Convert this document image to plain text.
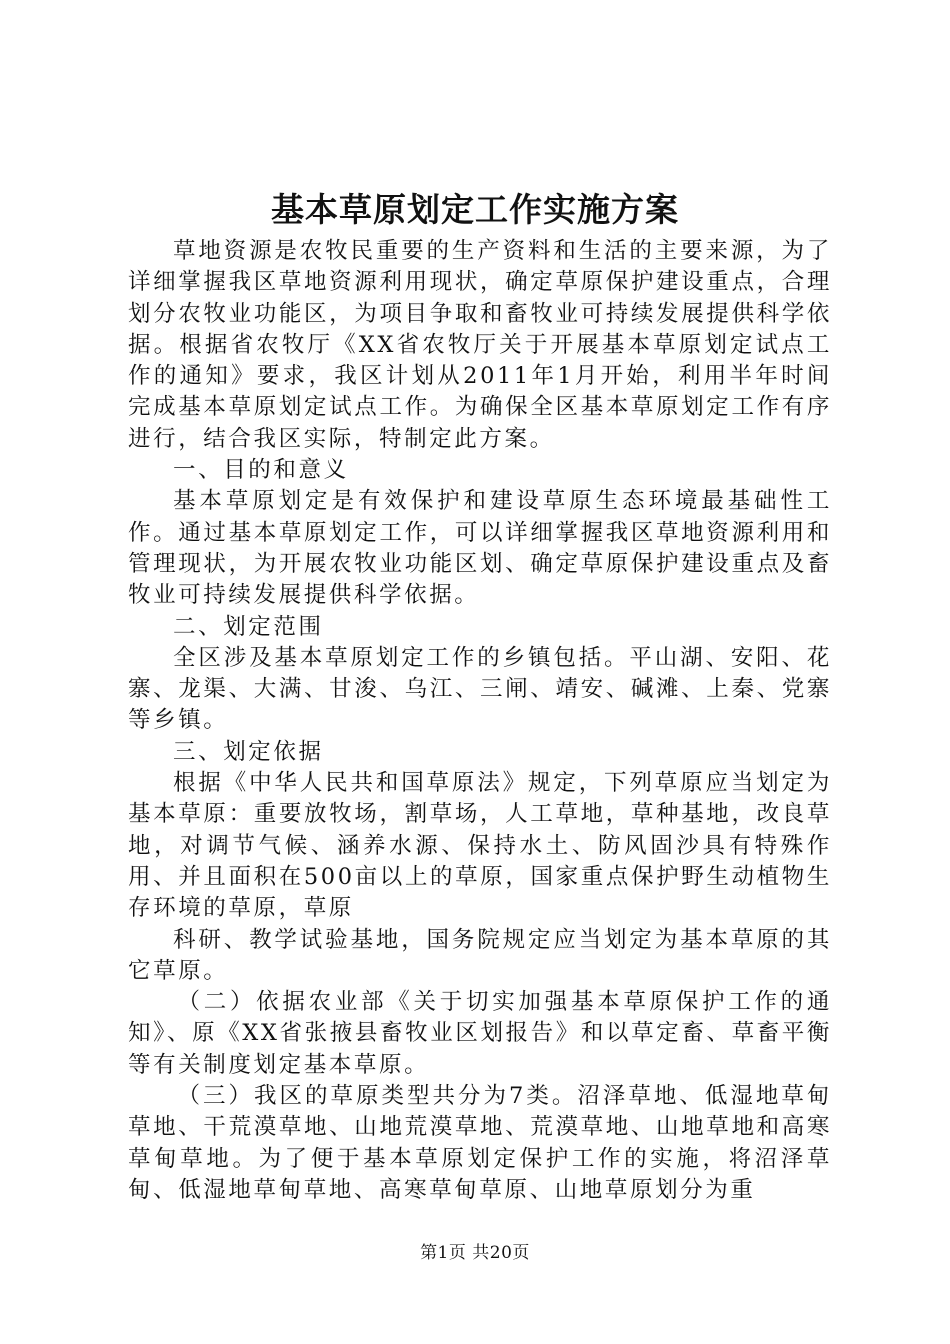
基本草原划定工作实施方案

草地资源是农牧民重要的生产资料和生活的主要来源，为了详细掌握我区草地资源利用现状，确定草原保护建设重点，合理划分农牧业功能区，为项目争取和畜牧业可持续发展提供科学依据。根据省农牧厅《XX省农牧厅关于开展基本草原划定试点工作的通知》要求，我区计划从2011年1月开始，利用半年时间完成基本草原划定试点工作。为确保全区基本草原划定工作有序进行，结合我区实际，特制定此方案。

一、目的和意义

基本草原划定是有效保护和建设草原生态环境最基础性工作。通过基本草原划定工作，可以详细掌握我区草地资源利用和管理现状，为开展农牧业功能区划、确定草原保护建设重点及畜牧业可持续发展提供科学依据。

二、划定范围

全区涉及基本草原划定工作的乡镇包括。平山湖、安阳、花寨、龙渠、大满、甘浚、乌江、三闸、靖安、碱滩、上秦、党寨等乡镇。

三、划定依据

根据《中华人民共和国草原法》规定，下列草原应当划定为基本草原：重要放牧场，割草场，人工草地，草种基地，改良草地，对调节气候、涵养水源、保持水土、防风固沙具有特殊作用、并且面积在500亩以上的草原，国家重点保护野生动植物生存环境的草原，草原

科研、教学试验基地，国务院规定应当划定为基本草原的其它草原。

（二）依据农业部《关于切实加强基本草原保护工作的通知》、原《XX省张掖县畜牧业区划报告》和以草定畜、草畜平衡等有关制度划定基本草原。

（三）我区的草原类型共分为7类。沼泽草地、低湿地草甸草地、干荒漠草地、山地荒漠草地、荒漠草地、山地草地和高寒草甸草地。为了便于基本草原划定保护工作的实施，将沼泽草甸、低湿地草甸草地、高寒草甸草原、山地草原划分为重

第1页 共20页
